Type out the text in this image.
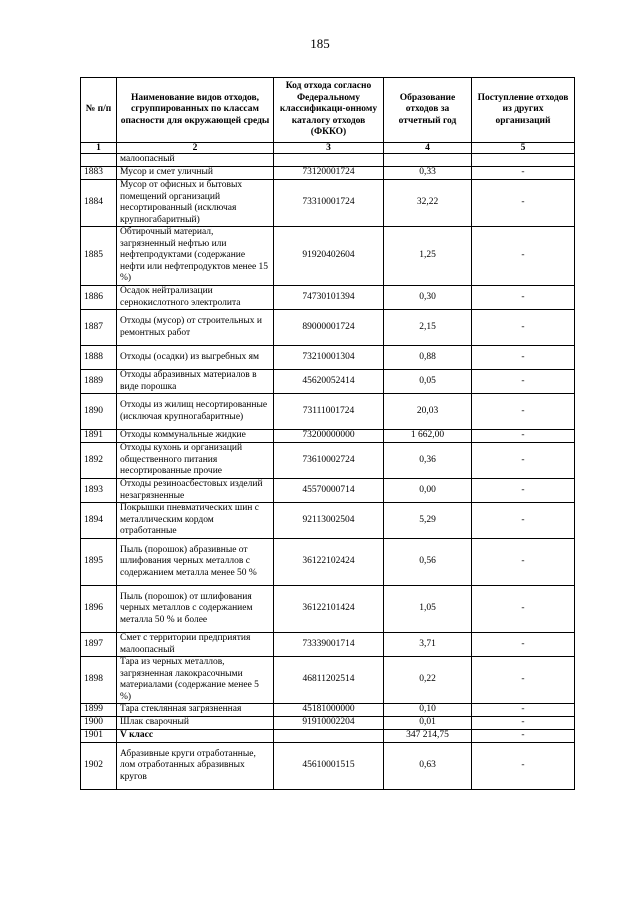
185
№ п/п	Наименование видов отходов, сгруппированных по классам опасности для окружающей среды	Код отхода согласно Федеральному классификаци-онному каталогу отходов (ФККО)	Образование отходов за отчетный год	Поступление отходов из других организаций
1	2	3	4	5
	малоопасный			
1883	Мусор и смет уличный	73120001724	0,33	-
1884	Мусор от офисных и бытовых помещений организаций несортированный (исключая крупногабаритный)	73310001724	32,22	-
1885	Обтирочный материал, загрязненный нефтью или нефтепродуктами (содержание нефти или нефтепродуктов менее 15 %)	91920402604	1,25	-
1886	Осадок нейтрализации сернокислотного электролита	74730101394	0,30	-
1887	Отходы (мусор) от строительных и ремонтных работ	89000001724	2,15	-
1888	Отходы (осадки) из выгребных ям	73210001304	0,88	-
1889	Отходы абразивных материалов в виде порошка	45620052414	0,05	-
1890	Отходы из жилищ несортированные (исключая крупногабаритные)	73111001724	20,03	-
1891	Отходы коммунальные жидкие	73200000000	1 662,00	-
1892	Отходы кухонь и организаций общественного питания несортированные прочие	73610002724	0,36	-
1893	Отходы резиноасбестовых изделий незагрязненные	45570000714	0,00	-
1894	Покрышки пневматических шин с металлическим кордом отработанные	92113002504	5,29	-
1895	Пыль (порошок) абразивные от шлифования черных металлов с содержанием металла менее 50 %	36122102424	0,56	-
1896	Пыль (порошок) от шлифования черных металлов с содержанием металла 50 % и более	36122101424	1,05	-
1897	Смет с территории предприятия малоопасный	73339001714	3,71	-
1898	Тара из черных металлов, загрязненная лакокрасочными материалами (содержание менее 5 %)	46811202514	0,22	-
1899	Тара стеклянная загрязненная	45181000000	0,10	-
1900	Шлак сварочный	91910002204	0,01	-
1901	V класс		347 214,75	-
1902	Абразивные круги отработанные, лом отработанных абразивных кругов	45610001515	0,63	-
